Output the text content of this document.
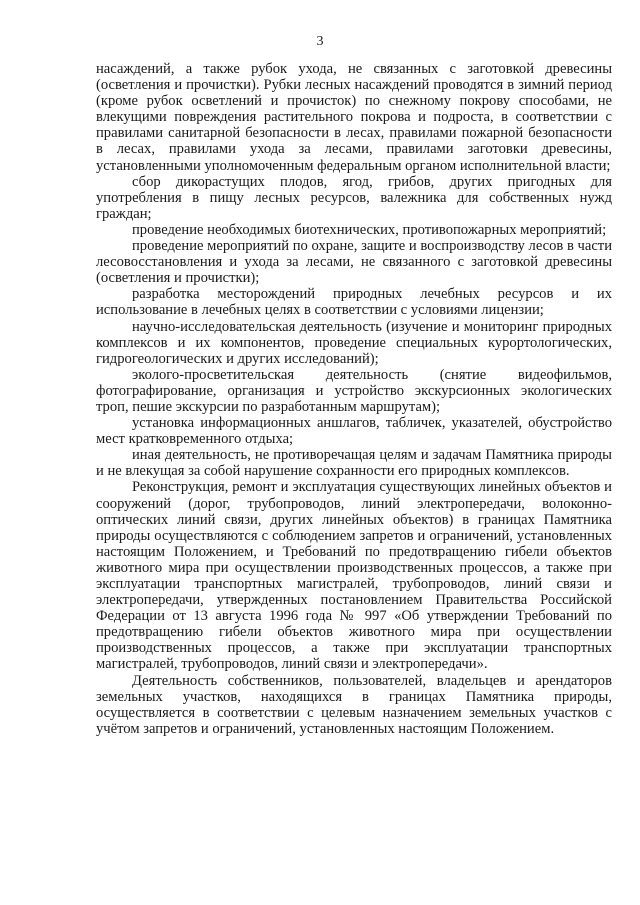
3

насаждений, а также рубок ухода, не связанных с заготовкой древесины (осветления и прочистки). Рубки лесных насаждений проводятся в зимний период (кроме рубок осветлений и прочисток) по снежному покрову способами, не влекущими повреждения растительного покрова и подроста, в соответствии с правилами санитарной безопасности в лесах, правилами пожарной безопасности в лесах, правилами ухода за лесами, правилами заготовки древесины, установленными уполномоченным федеральным органом исполнительной власти;

сбор дикорастущих плодов, ягод, грибов, других пригодных для употребления в пищу лесных ресурсов, валежника для собственных нужд граждан;

проведение необходимых биотехнических, противопожарных мероприятий;

проведение мероприятий по охране, защите и воспроизводству лесов в части лесовосстановления и ухода за лесами, не связанного с заготовкой древесины (осветления и прочистки);

разработка месторождений природных лечебных ресурсов и их использование в лечебных целях в соответствии с условиями лицензии;

научно-исследовательская деятельность (изучение и мониторинг природных комплексов и их компонентов, проведение специальных курортологических, гидрогеологических и других исследований);

эколого-просветительская деятельность (снятие видеофильмов, фотографирование, организация и устройство экскурсионных экологических троп, пешие экскурсии по разработанным маршрутам);

установка информационных аншлагов, табличек, указателей, обустройство мест кратковременного отдыха;

иная деятельность, не противоречащая целям и задачам Памятника природы и не влекущая за собой нарушение сохранности его природных комплексов.

Реконструкция, ремонт и эксплуатация существующих линейных объектов и сооружений (дорог, трубопроводов, линий электропередачи, волоконно-оптических линий связи, других линейных объектов) в границах Памятника природы осуществляются с соблюдением запретов и ограничений, установленных настоящим Положением, и Требований по предотвращению гибели объектов животного мира при осуществлении производственных процессов, а также при эксплуатации транспортных магистралей, трубопроводов, линий связи и электропередачи, утвержденных постановлением Правительства Российской Федерации от 13 августа 1996 года № 997 «Об утверждении Требований по предотвращению гибели объектов животного мира при осуществлении производственных процессов, а также при эксплуатации транспортных магистралей, трубопроводов, линий связи и электропередачи».

Деятельность собственников, пользователей, владельцев и арендаторов земельных участков, находящихся в границах Памятника природы, осуществляется в соответствии с целевым назначением земельных участков с учётом запретов и ограничений, установленных настоящим Положением.
